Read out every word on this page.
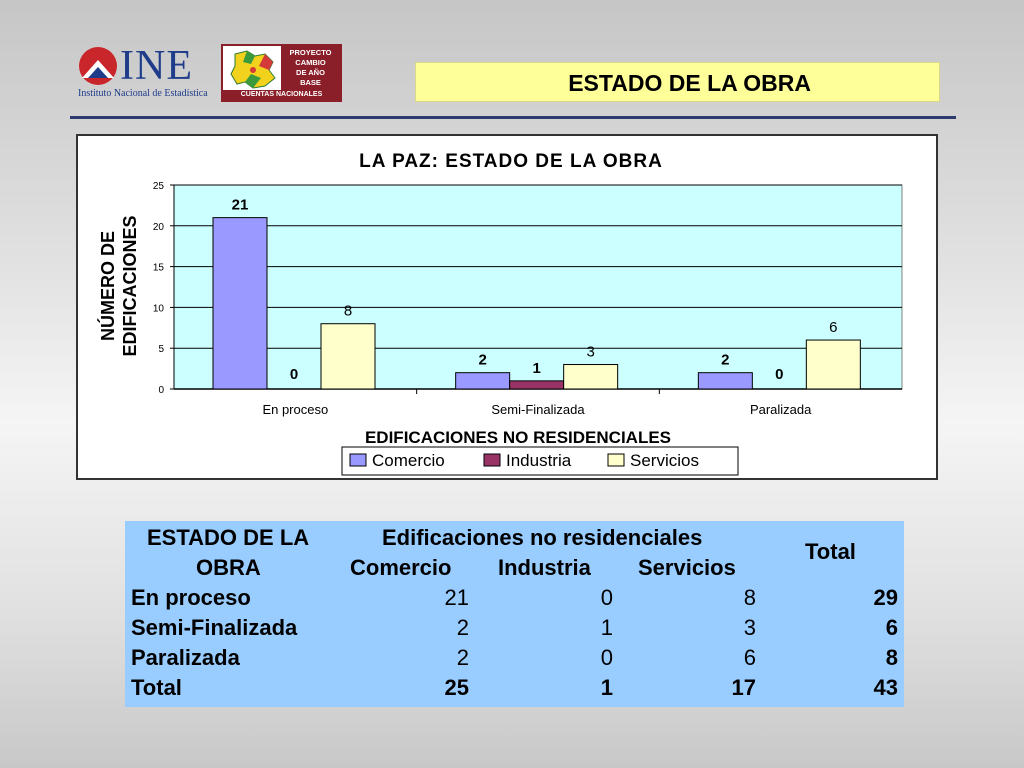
INE
Instituto Nacional de Estadística
PROYECTO
CAMBIO
DE AÑO
BASE
CUENTAS NACIONALES	ESTADO DE LA OBRA
LA PAZ: ESTADO DE LA OBRA
NÚMERO DE EDIFICACIONES
0
5
10
15
20
25
21
0
8
2	1
3	2
0
6
En proceso	Semi-Finalizada	Paralizada
EDIFICACIONES NO RESIDENCIALES
Comercio	Industria	Servicios
ESTADO DE LA
OBRA
Edificaciones no residenciales
Comercio Industria Servicios
Total
En proceso	21	0	8	29
Semi-Finalizada	2	1	3	6
Paralizada	2	0	6	8
Total	25	1	17	43
